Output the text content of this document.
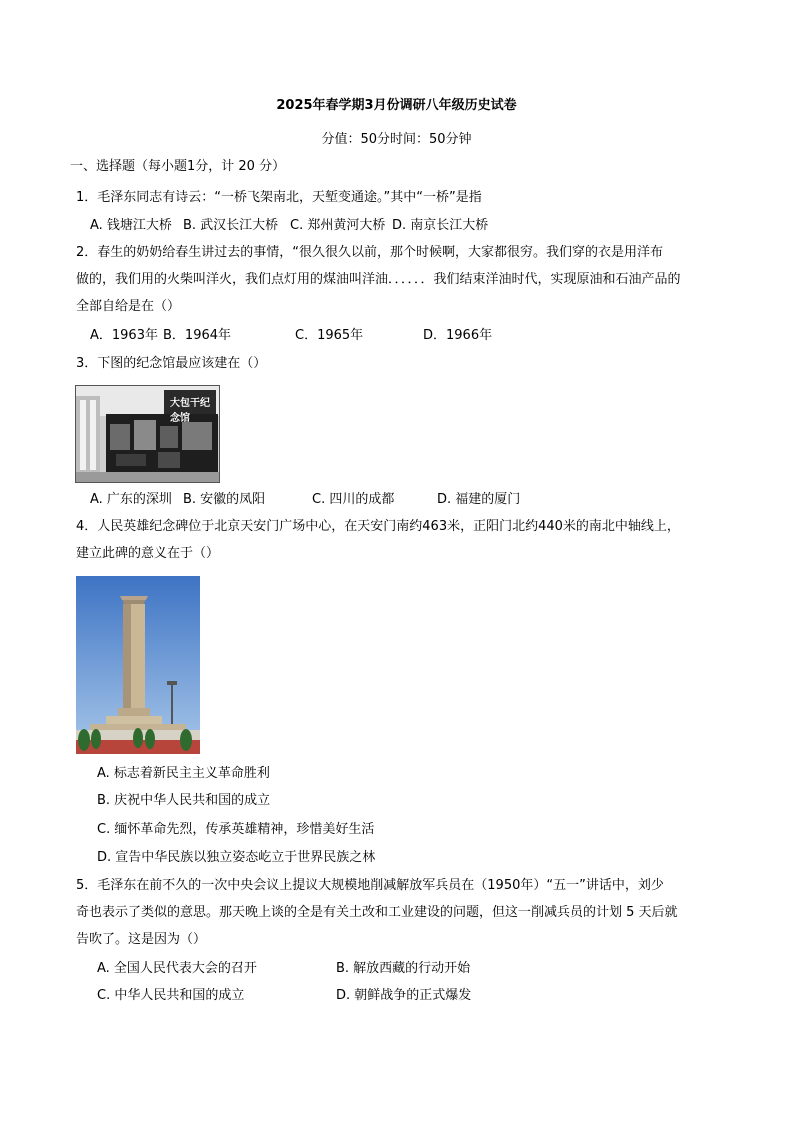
2025年春学期3月份调研八年级历史试卷
分值：50分时间：50分钟
一、选择题（每小题1分，计 20 分）
1．毛泽东同志有诗云：“一桥飞架南北，天堑变通途。”其中“一桥”是指
A. 钱塘江大桥 B. 武汉长江大桥 C. 郑州黄河大桥 D. 南京长江大桥
2．春生的奶奶给春生讲过去的事情，“很久很久以前，那个时候啊，大家都很穷。我们穿的衣是用洋布
做的，我们用的火柴叫洋火，我们点灯用的煤油叫洋油．．．．．．我们结束洋油时代，实现原油和石油产品的
全部自给是在（）
A．1963年 B．1964年	C．1965年	D．1966年
3．下图的纪念馆最应该建在（）
大包干纪念馆
A. 广东的深圳 B. 安徽的凤阳	C. 四川的成都	D. 福建的厦门
4．人民英雄纪念碑位于北京天安门广场中心，在天安门南约463米，正阳门北约440米的南北中轴线上，
建立此碑的意义在于（）
A. 标志着新民主主义革命胜利
B. 庆祝中华人民共和国的成立
C. 缅怀革命先烈，传承英雄精神，珍惜美好生活
D. 宣告中华民族以独立姿态屹立于世界民族之林
5．毛泽东在前不久的一次中央会议上提议大规模地削减解放军兵员在（1950年）“五一”讲话中，刘少
奇也表示了类似的意思。那天晚上谈的全是有关土改和工业建设的问题，但这一削减兵员的计划 5 天后就
告吹了。这是因为（）
A. 全国人民代表大会的召开	B. 解放西藏的行动开始
C. 中华人民共和国的成立	D. 朝鲜战争的正式爆发
